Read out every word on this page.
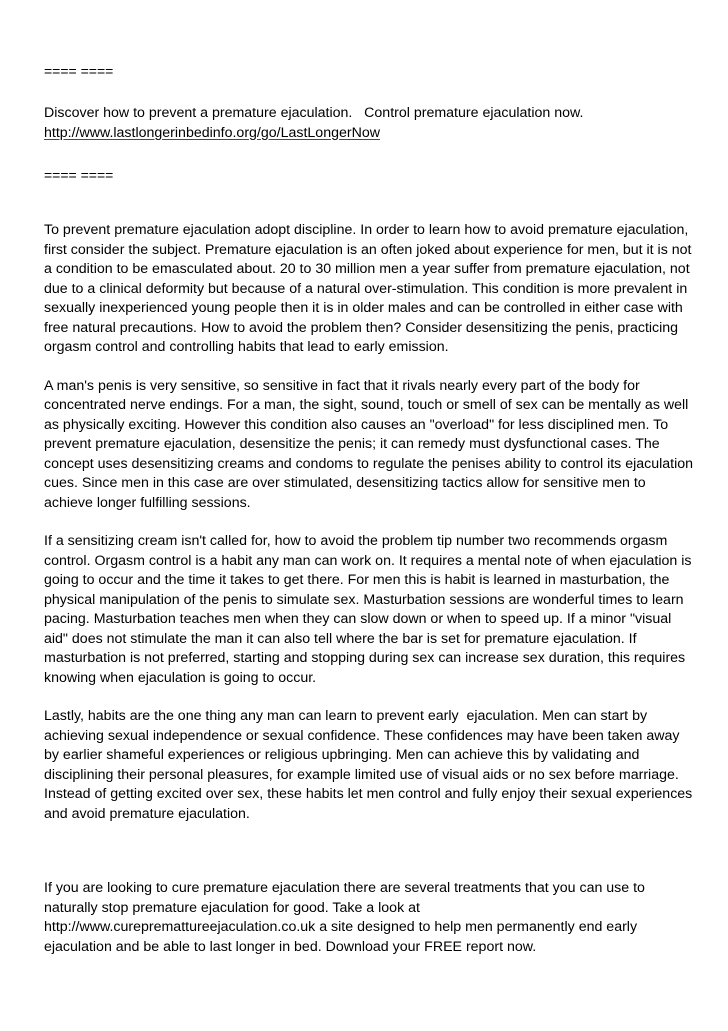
==== ====

Discover how to prevent a premature ejaculation.   Control premature ejaculation now.

http://www.lastlongerinbedinfo.org/go/LastLongerNow

==== ====

To prevent premature ejaculation adopt discipline. In order to learn how to avoid premature ejaculation, first consider the subject. Premature ejaculation is an often joked about experience for men, but it is not a condition to be emasculated about. 20 to 30 million men a year suffer from premature ejaculation, not due to a clinical deformity but because of a natural over-stimulation. This condition is more prevalent in sexually inexperienced young people then it is in older males and can be controlled in either case with free natural precautions. How to avoid the problem then? Consider desensitizing the penis, practicing orgasm control and controlling habits that lead to early emission.

A man's penis is very sensitive, so sensitive in fact that it rivals nearly every part of the body for concentrated nerve endings. For a man, the sight, sound, touch or smell of sex can be mentally as well as physically exciting. However this condition also causes an "overload" for less disciplined men. To prevent premature ejaculation, desensitize the penis; it can remedy must dysfunctional cases. The concept uses desensitizing creams and condoms to regulate the penises ability to control its ejaculation cues. Since men in this case are over stimulated, desensitizing tactics allow for sensitive men to achieve longer fulfilling sessions.

If a sensitizing cream isn't called for, how to avoid the problem tip number two recommends orgasm control. Orgasm control is a habit any man can work on. It requires a mental note of when ejaculation is going to occur and the time it takes to get there. For men this is habit is learned in masturbation, the physical manipulation of the penis to simulate sex. Masturbation sessions are wonderful times to learn pacing. Masturbation teaches men when they can slow down or when to speed up. If a minor "visual aid" does not stimulate the man it can also tell where the bar is set for premature ejaculation. If masturbation is not preferred, starting and stopping during sex can increase sex duration, this requires knowing when ejaculation is going to occur.

Lastly, habits are the one thing any man can learn to prevent early  ejaculation. Men can start by achieving sexual independence or sexual confidence. These confidences may have been taken away by earlier shameful experiences or religious upbringing. Men can achieve this by validating and disciplining their personal pleasures, for example limited use of visual aids or no sex before marriage. Instead of getting excited over sex, these habits let men control and fully enjoy their sexual experiences and avoid premature ejaculation.

If you are looking to cure premature ejaculation there are several treatments that you can use to naturally stop premature ejaculation for good. Take a look at http://www.curepremattureejaculation.co.uk a site designed to help men permanently end early ejaculation and be able to last longer in bed. Download your FREE report now.
